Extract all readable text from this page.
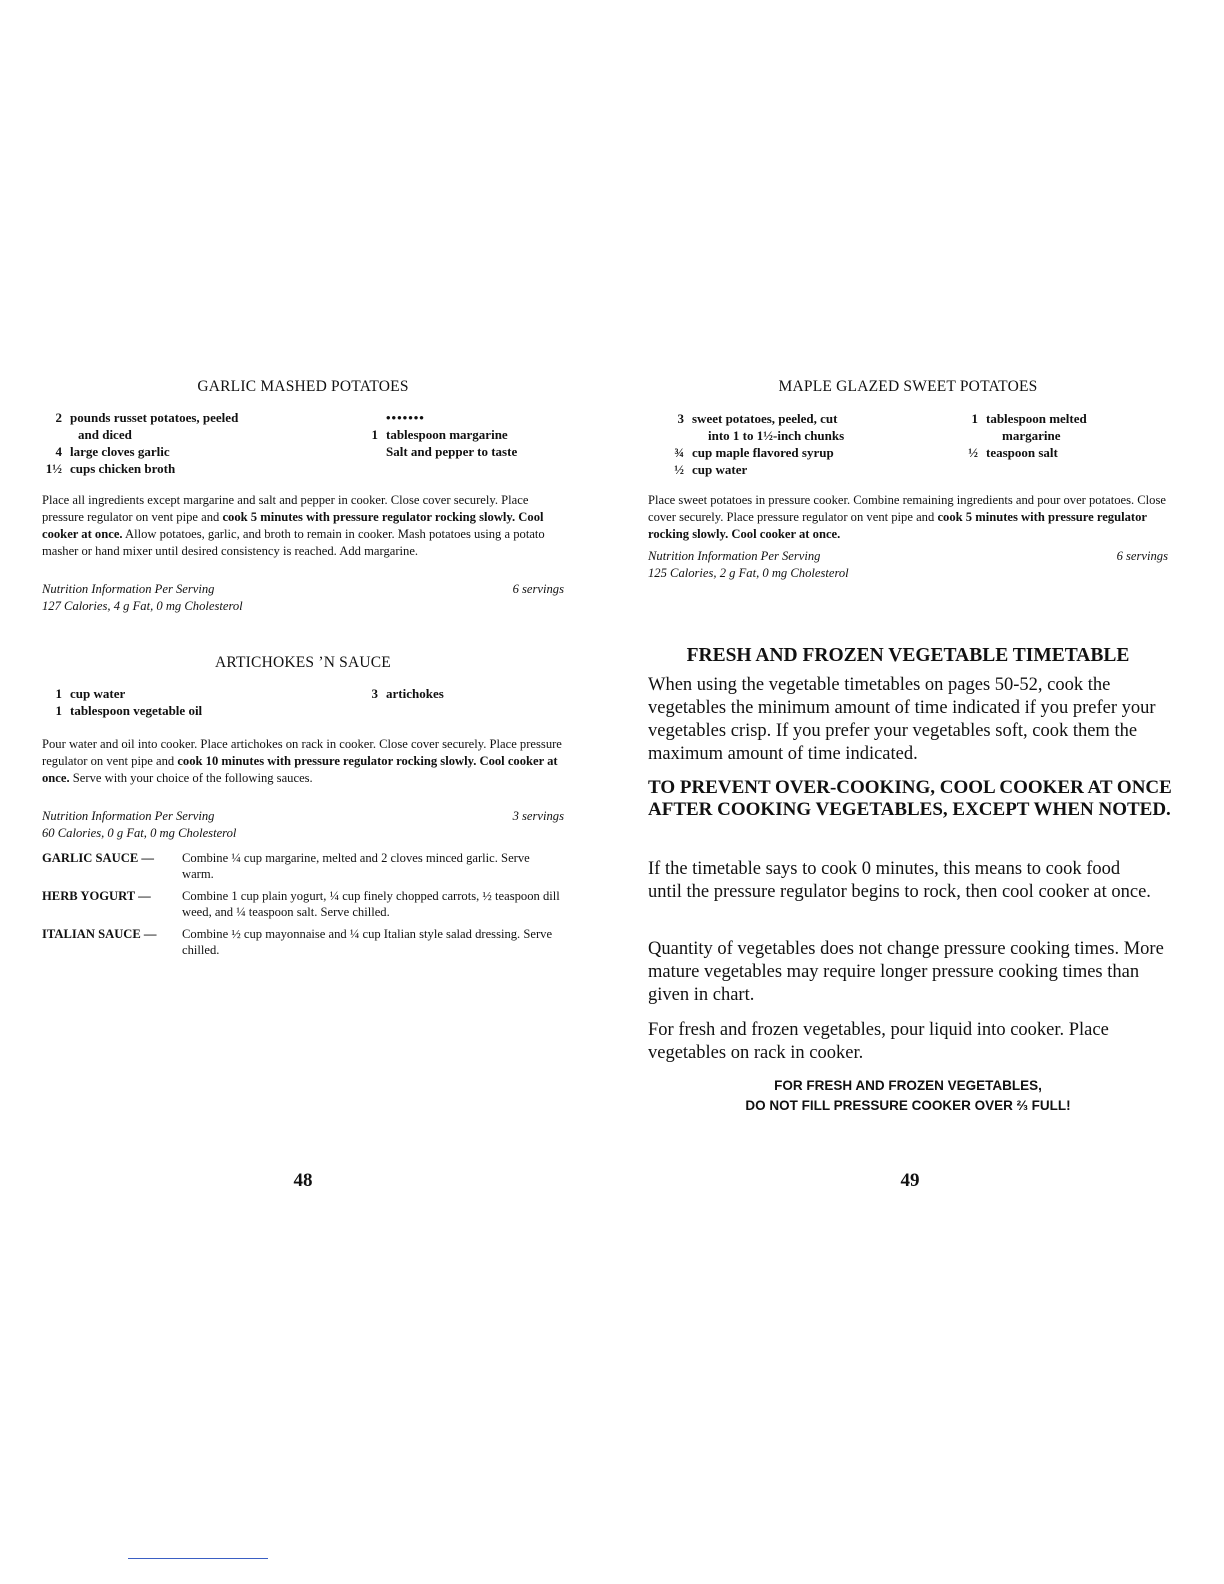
GARLIC MASHED POTATOES
2 pounds russet potatoes, peeled
and diced
4 large cloves garlic
1½ cups chicken broth
•••••••
1 tablespoon margarine
Salt and pepper to taste
Place all ingredients except margarine and salt and pepper in cooker. Close cover securely. Place pressure regulator on vent pipe and cook 5 minutes with pressure regulator rocking slowly. Cool cooker at once. Allow potatoes, garlic, and broth to remain in cooker. Mash potatoes using a potato masher or hand mixer until desired consistency is reached. Add margarine.
Nutrition Information Per Serving	6 servings
127 Calories, 4 g Fat, 0 mg Cholesterol
ARTICHOKES ’N SAUCE
1 cup water
1 tablespoon vegetable oil
3 artichokes
Pour water and oil into cooker. Place artichokes on rack in cooker. Close cover securely. Place pressure regulator on vent pipe and cook 10 minutes with pressure regulator rocking slowly. Cool cooker at once. Serve with your choice of the following sauces.
Nutrition Information Per Serving	3 servings
60 Calories, 0 g Fat, 0 mg Cholesterol
GARLIC SAUCE —	Combine ¼ cup margarine, melted and 2 cloves minced garlic. Serve warm.
HERB YOGURT —	Combine 1 cup plain yogurt, ¼ cup finely chopped carrots, ½ teaspoon dill weed, and ¼ teaspoon salt. Serve chilled.
ITALIAN SAUCE —	Combine ½ cup mayonnaise and ¼ cup Italian style salad dressing. Serve chilled.
48
MAPLE GLAZED SWEET POTATOES
3 sweet potatoes, peeled, cut
into 1 to 1½-inch chunks
¾ cup maple flavored syrup
½ cup water
1 tablespoon melted
margarine
½ teaspoon salt
Place sweet potatoes in pressure cooker. Combine remaining ingredients and pour over potatoes. Close cover securely. Place pressure regulator on vent pipe and cook 5 minutes with pressure regulator rocking slowly. Cool cooker at once.
Nutrition Information Per Serving	6 servings
125 Calories, 2 g Fat, 0 mg Cholesterol
FRESH AND FROZEN VEGETABLE TIMETABLE
When using the vegetable timetables on pages 50-52, cook the vegetables the minimum amount of time indicated if you prefer your vegetables crisp. If you prefer your vegetables soft, cook them the maximum amount of time indicated.
TO PREVENT OVER-COOKING, COOL COOKER AT ONCE AFTER COOKING VEGETABLES, EXCEPT WHEN NOTED.
If the timetable says to cook 0 minutes, this means to cook food until the pressure regulator begins to rock, then cool cooker at once.
Quantity of vegetables does not change pressure cooking times. More mature vegetables may require longer pressure cooking times than given in chart.
For fresh and frozen vegetables, pour liquid into cooker. Place vegetables on rack in cooker.
FOR FRESH AND FROZEN VEGETABLES,
DO NOT FILL PRESSURE COOKER OVER ⅔ FULL!
49
